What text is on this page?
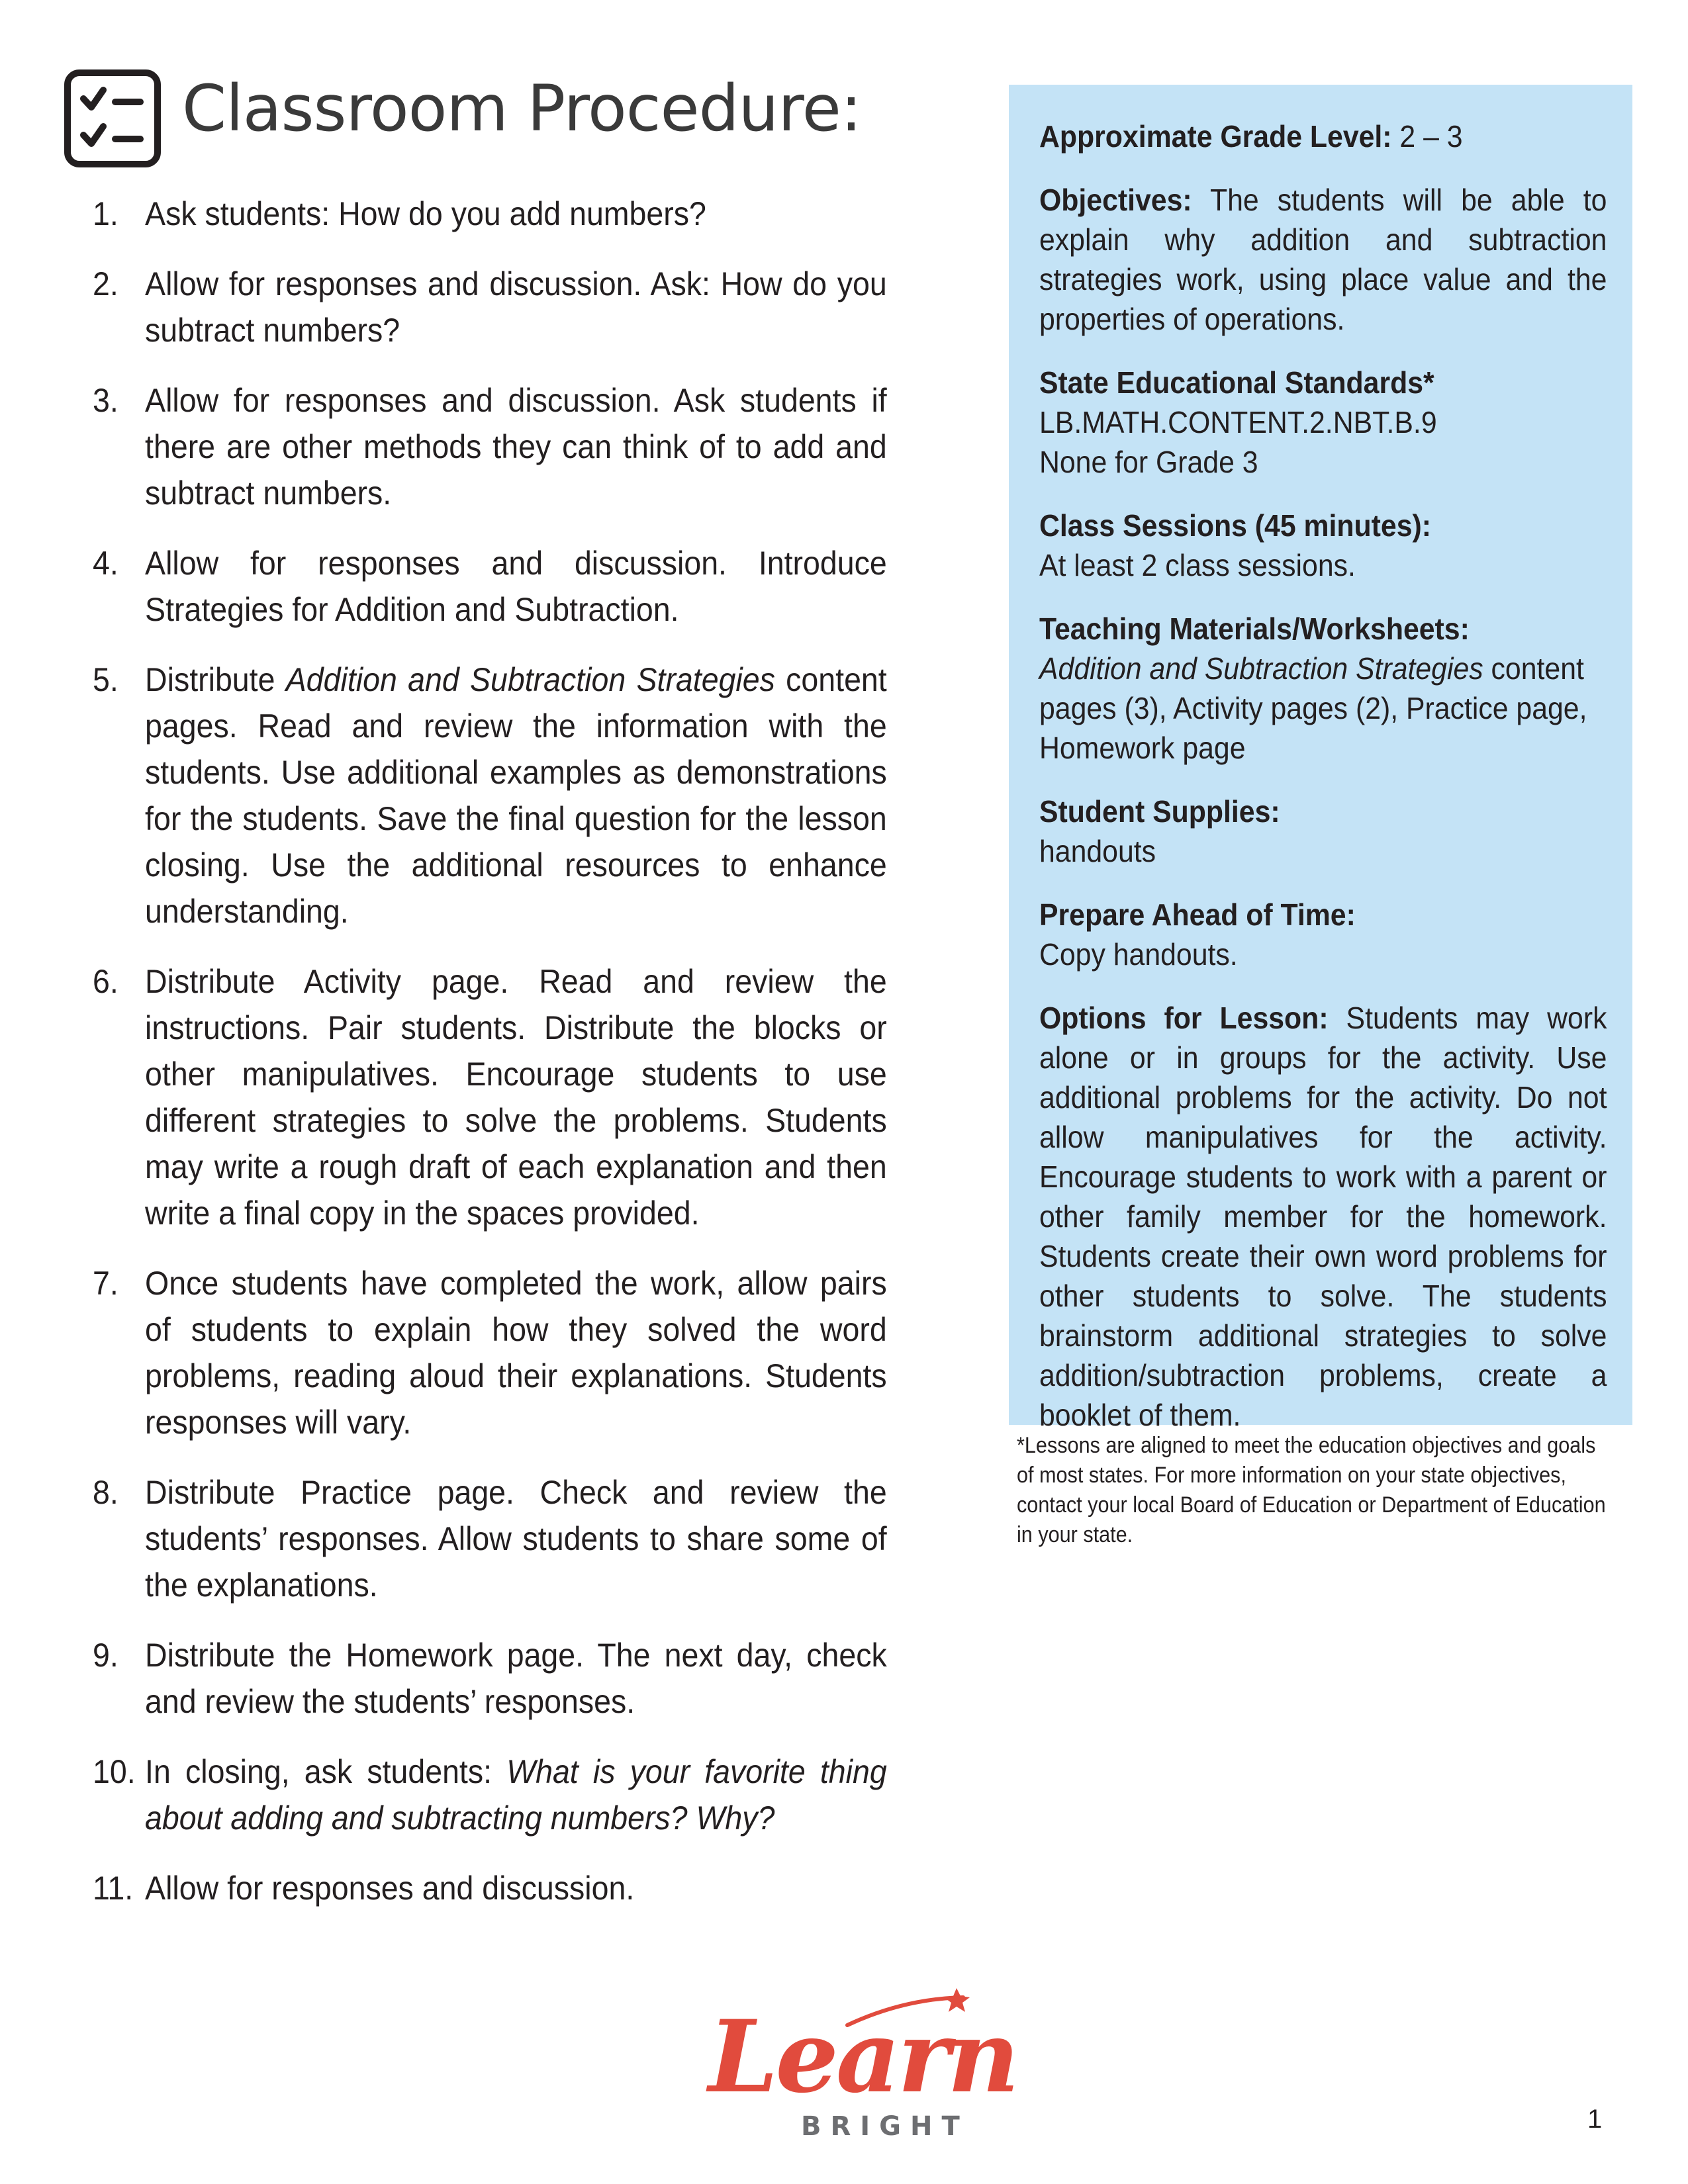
Classroom Procedure:
1. Ask students: How do you add numbers?
2. Allow for responses and discussion. Ask: How do you subtract numbers?
3. Allow for responses and discussion. Ask students if there are other methods they can think of to add and subtract numbers.
4. Allow for responses and discussion. Introduce Strategies for Addition and Subtraction.
5. Distribute Addition and Subtraction Strategies content pages. Read and review the information with the students. Use additional examples as demonstrations for the students. Save the final question for the lesson closing. Use the additional resources to enhance understanding.
6. Distribute Activity page. Read and review the instructions. Pair students. Distribute the blocks or other manipulatives. Encourage students to use different strategies to solve the problems. Students may write a rough draft of each explanation and then write a final copy in the spaces provided.
7. Once students have completed the work, allow pairs of students to explain how they solved the word problems, reading aloud their explanations. Students responses will vary.
8. Distribute Practice page. Check and review the students’ responses. Allow students to share some of the explanations.
9. Distribute the Homework page. The next day, check and review the students’ responses.
10. In closing, ask students: What is your favorite thing about adding and subtracting numbers? Why?
11. Allow for responses and discussion.
Approximate Grade Level: 2 – 3
Objectives: The students will be able to explain why addition and subtraction strategies work, using place value and the properties of operations.
State Educational Standards*
LB.MATH.CONTENT.2.NBT.B.9
None for Grade 3
Class Sessions (45 minutes):
At least 2 class sessions.
Teaching Materials/Worksheets:
Addition and Subtraction Strategies content pages (3), Activity pages (2), Practice page, Homework page
Student Supplies:
handouts
Prepare Ahead of Time:
Copy handouts.
Options for Lesson: Students may work alone or in groups for the activity. Use additional problems for the activity. Do not allow manipulatives for the activity. Encourage students to work with a parent or other family member for the homework. Students create their own word problems for other students to solve. The students brainstorm additional strategies to solve addition/subtraction problems, create a booklet of them.
*Lessons are aligned to meet the education objectives and goals of most states. For more information on your state objectives, contact your local Board of Education or Department of Education in your state.
Learn
BRIGHT	1
